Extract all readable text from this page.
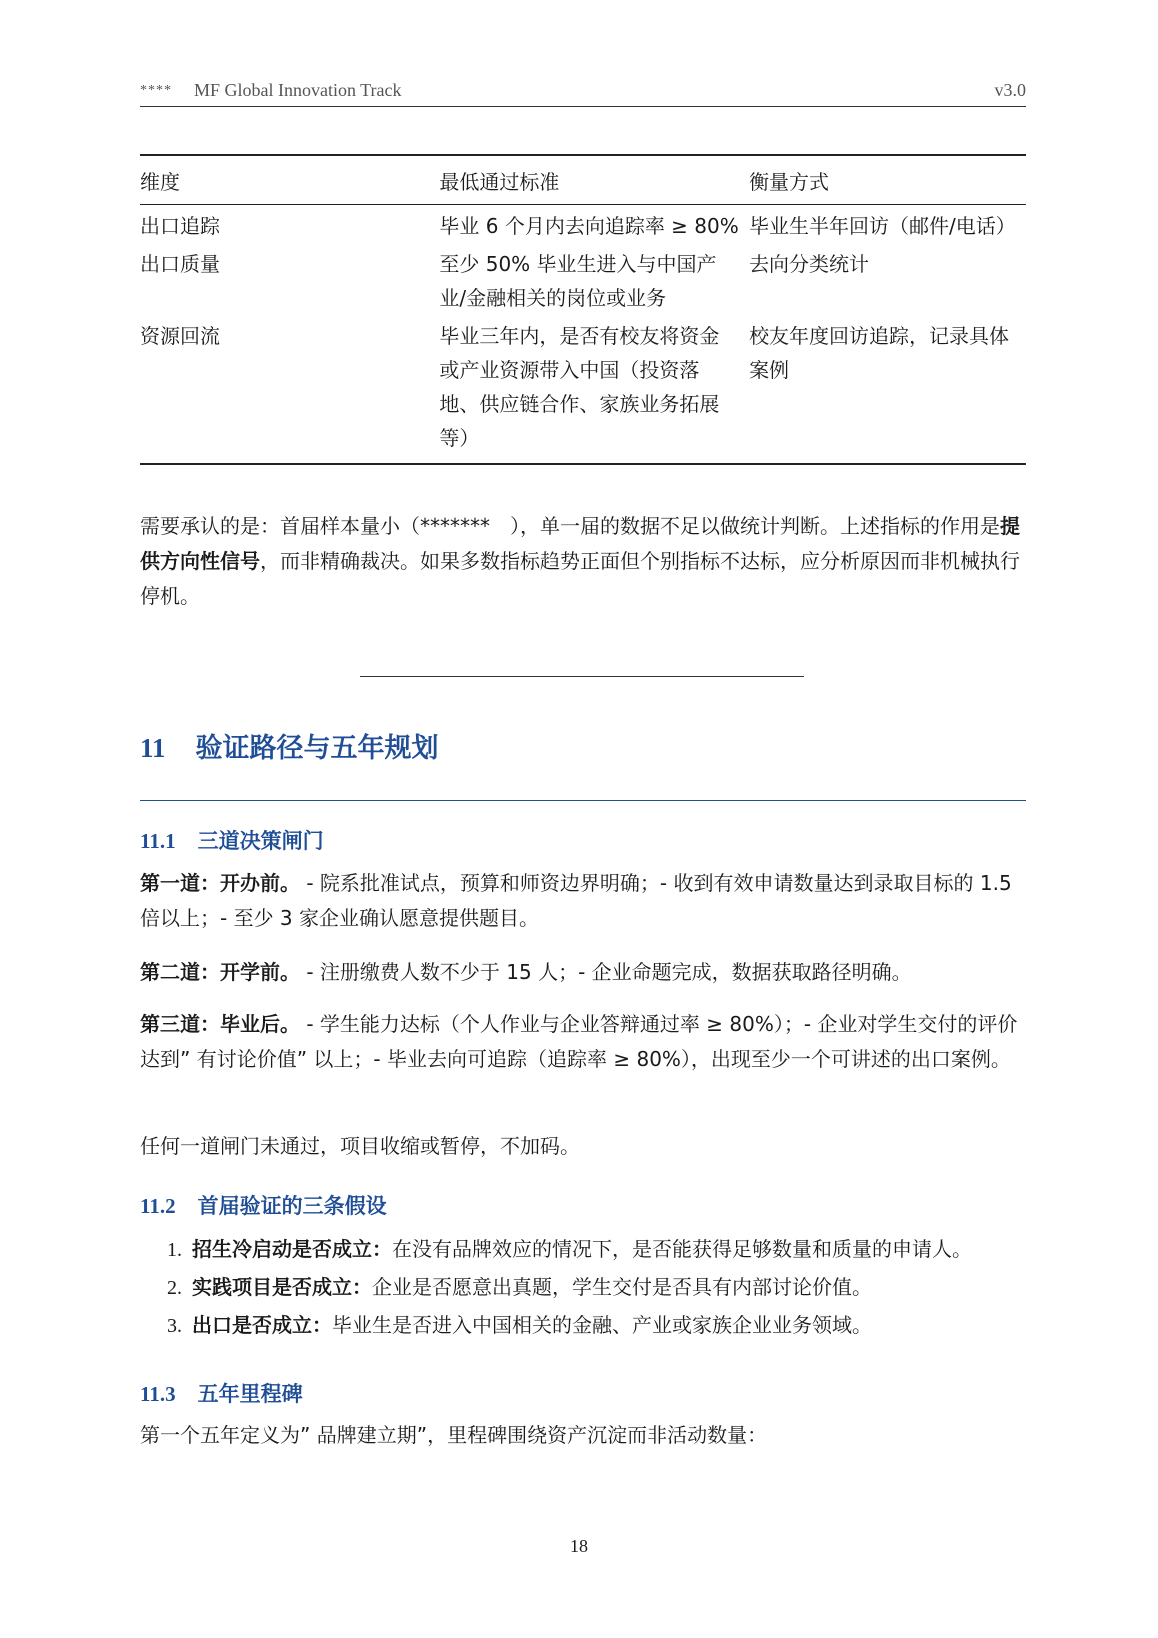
**** MF Global Innovation Track	v3.0
维度	最低通过标准	衡量方式
出口追踪	毕业 6 个月内去向追踪率 ≥ 80%	毕业生半年回访（邮件/电话）
出口质量	至少 50% 毕业生进入与中国产业/金融相关的岗位或业务	去向分类统计
资源回流	毕业三年内，是否有校友将资金或产业资源带入中国（投资落地、供应链合作、家族业务拓展等）	校友年度回访追踪，记录具体案例

需要承认的是：首届样本量小（*******　），单一届的数据不足以做统计判断。上述指标的作用是提供方向性信号，而非精确裁决。如果多数指标趋势正面但个别指标不达标，应分析原因而非机械执行停机。

11 验证路径与五年规划
11.1 三道决策闸门

第一道：开办前。 - 院系批准试点，预算和师资边界明确；- 收到有效申请数量达到录取目标的 1.5 倍以上；- 至少 3 家企业确认愿意提供题目。

第二道：开学前。 - 注册缴费人数不少于 15 人；- 企业命题完成，数据获取路径明确。

第三道：毕业后。 - 学生能力达标（个人作业与企业答辩通过率 ≥ 80%）；- 企业对学生交付的评价达到” 有讨论价值” 以上；- 毕业去向可追踪（追踪率 ≥ 80%），出现至少一个可讲述的出口案例。

任何一道闸门未通过，项目收缩或暂停，不加码。

11.2 首届验证的三条假设
1. 招生冷启动是否成立：在没有品牌效应的情况下，是否能获得足够数量和质量的申请人。
2. 实践项目是否成立：企业是否愿意出真题，学生交付是否具有内部讨论价值。
3. 出口是否成立：毕业生是否进入中国相关的金融、产业或家族企业业务领域。
11.3 五年里程碑

第一个五年定义为” 品牌建立期”，里程碑围绕资产沉淀而非活动数量：

18
